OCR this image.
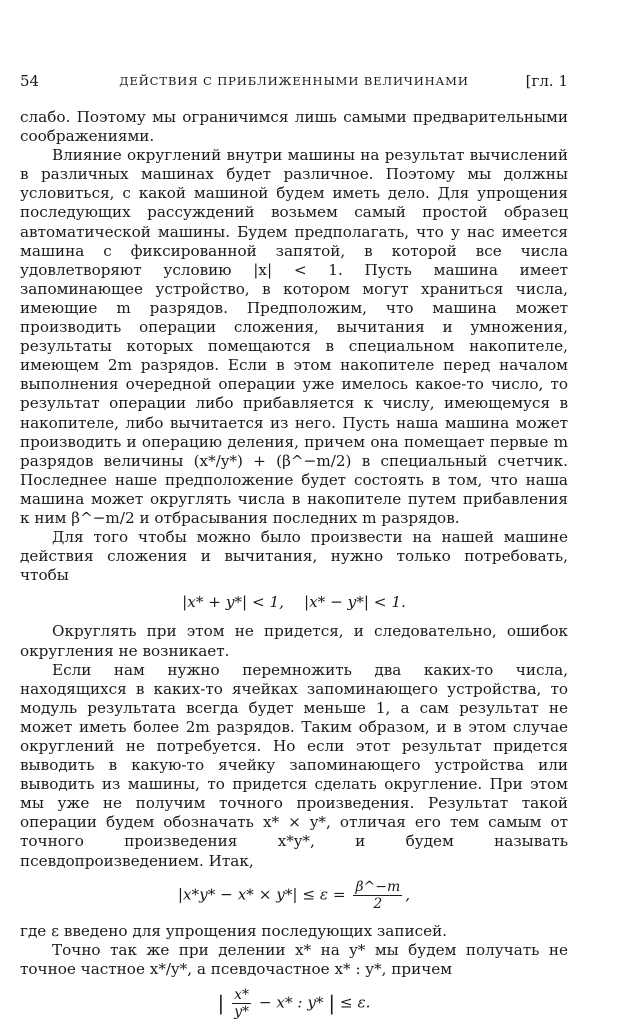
54	ДЕЙСТВИЯ С ПРИБЛИЖЕННЫМИ ВЕЛИЧИНАМИ	[гл. 1

слабо. Поэтому мы ограничимся лишь самыми предварительными соображениями.

Влияние округлений внутри машины на результат вычислений в различных машинах будет различное. Поэтому мы должны условиться, с какой машиной будем иметь дело. Для упрощения последующих рассуждений возьмем самый простой образец автоматической машины. Будем предполагать, что у нас имеется машина с фиксированной запятой, в которой все числа удовлетворяют условию |x| < 1. Пусть машина имеет запоминающее устройство, в котором могут храниться числа, имеющие m разрядов. Предположим, что машина может производить операции сложения, вычитания и умножения, результаты которых помещаются в специальном накопителе, имеющем 2m разрядов. Если в этом накопителе перед началом выполнения очередной операции уже имелось какое-то число, то результат операции либо прибавляется к числу, имеющемуся в накопителе, либо вычитается из него. Пусть наша машина может производить и операцию деления, причем она помещает первые m разрядов величины (x*/y*) + (β^−m/2) в специальный счетчик. Последнее наше предположение будет состоять в том, что наша машина может округлять числа в накопителе путем прибавления к ним β^−m/2 и отбрасывания последних m разрядов.

Для того чтобы можно было произвести на нашей машине действия сложения и вычитания, нужно только потребовать, чтобы

|x* + y*| < 1, |x* − y*| < 1.

Округлять при этом не придется, и следовательно, ошибок округления не возникает.

Если нам нужно перемножить два каких-то числа, находящихся в каких-то ячейках запоминающего устройства, то модуль результата всегда будет меньше 1, а сам результат не может иметь более 2m разрядов. Таким образом, и в этом случае округлений не потребуется. Но если этот результат придется выводить в какую-то ячейку запоминающего устройства или выводить из машины, то придется сделать округление. При этом мы уже не получим точного произведения. Результат такой операции будем обозначать x* × y*, отличая его тем самым от точного произведения x*y*, и будем называть псевдопроизведением. Итак,

$|x*y* - x* \times y*| \le \varepsilon = \frac{\beta\^{}-m}{2}$ ,

где ε введено для упрощения последующих записей.

Точно так же при делении x* на y* мы будем получать не точное частное x*/y*, а псевдочастное x* : y*, причем

| $\frac{x*}{y*} - x*$ : y* | ≤ ε.
